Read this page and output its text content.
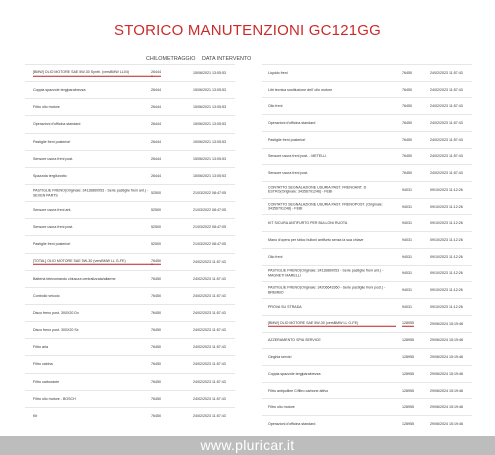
STORICO MANUTENZIONI GC121GG
CHILOMETRAGGIO DATA INTERVENTO
[BMW] OLIO MOTORE SAE 5W-30 Synth. (versBMW LL04)	26444	15/06/2021 13:05:53
Coppia spazzole tergiparabrezza	26444	15/06/2021 13:05:53
Filtro olio motore	26444	15/06/2021 13:05:53
Operazioni d'officina standard	26444	15/06/2021 13:05:53
Pastiglie freni posteriori	26444	15/06/2021 13:05:53
Sensore usura freni post.	26444	15/06/2021 13:05:53
Spazzola tergilunotto	26444	15/06/2021 13:05:53
PASTIGLIE FRENO(Originale: 34116860053 - Serie pastiglie freni ant.) - SEVEN PARTS
52500	21/03/2022 08:47:05
Sensore usura freni ant.	52500	21/03/2022 08:47:05
Sensore usura freni post.	52500	21/03/2022 08:47:05
Pastiglie freni posteriori	52500	21/03/2022 08:47:05
[TOTAL] OLIO MOTORE SAE 5W-30 (versBMW LL G-FE)	76450	24/02/2023 11:57:43
Batteria telecomando chiusura centralizzata/allarme	76450	24/02/2023 11:57:43
Controllo veicolo	76450	24/02/2023 11:57:43
Disco freno post. 300X20 Dx	76450	24/02/2023 11:57:43
Disco freno post. 300X20 Sx	76450	24/02/2023 11:57:43
Filtro aria	76450	24/02/2023 11:57:43
Filtro cabina	76450	24/02/2023 11:57:43
Filtro carburante	76450	24/02/2023 11:57:43
Filtro olio motore - BOSCH	76450	24/02/2023 11:57:43
Kit	76450	24/02/2023 11:57:43
Liquido freni	76450	24/02/2023 11:57:43
Litri tecnica sostituzione dell' olio motore	76450	24/02/2023 11:57:43
Olio freni	76450	24/02/2023 11:57:43
Operazioni d'officina standard	76450	24/02/2023 11:57:43
Pastiglie freni posteriori	76450	24/02/2023 11:57:43
Sensore usura freni post. - METELLI	76450	24/02/2023 11:57:43
Sensore usura freni post.	76450	24/02/2023 11:57:43
CONTATTO SEGNALAZIONE USURIA PAST. FRENOANT. D ESTRO(Originale: 34356791246) - FEBI
94031	09/10/2023 11:12:26
CONTATTO SEGNALAZIONE USURIA PAST. FRENOPOST. (Originale: 34356791248) - FEBI
94031	09/10/2023 11:12:26
KIT SICURA ANTIFURTO PER BULLONI RUOTA	94031	09/10/2023 11:12:26
Mano d'opera per sbloc bulloni antifurto senza la sua chiave	94031	09/10/2023 11:12:26
Olio freni	94031	09/10/2023 11:12:26
PASTIGLIE FRENO(Originale: 34116860053 - Serie pastiglie freni ant.) - MAGNETI MARELLI
94031	09/10/2023 11:12:26
PASTIGLIE FRENO(Originale: 34206643360 - Serie pastiglie freni post.) - BREMBO
94031	09/10/2023 11:12:26
PROVA SU STRADA	94031	09/10/2023 11:12:26
[BMW] OLIO MOTORE SAE 5W-30 (versBMW LL G-FE)	128955	29/06/2024 15:19:46
AZZERAMENTO SPIA SERVICE	128955	29/06/2024 15:19:46
Cinghia servizi	128955	29/06/2024 15:19:46
Coppia spazzole tergiparabrezza	128955	29/06/2024 15:19:46
Filtro antipolline C/filtro carbone attivo	128955	29/06/2024 15:19:46
Filtro olio motore	128955	29/06/2024 15:19:46
Operazioni d'officina standard	128955	29/06/2024 15:19:46
www.pluricar.it
